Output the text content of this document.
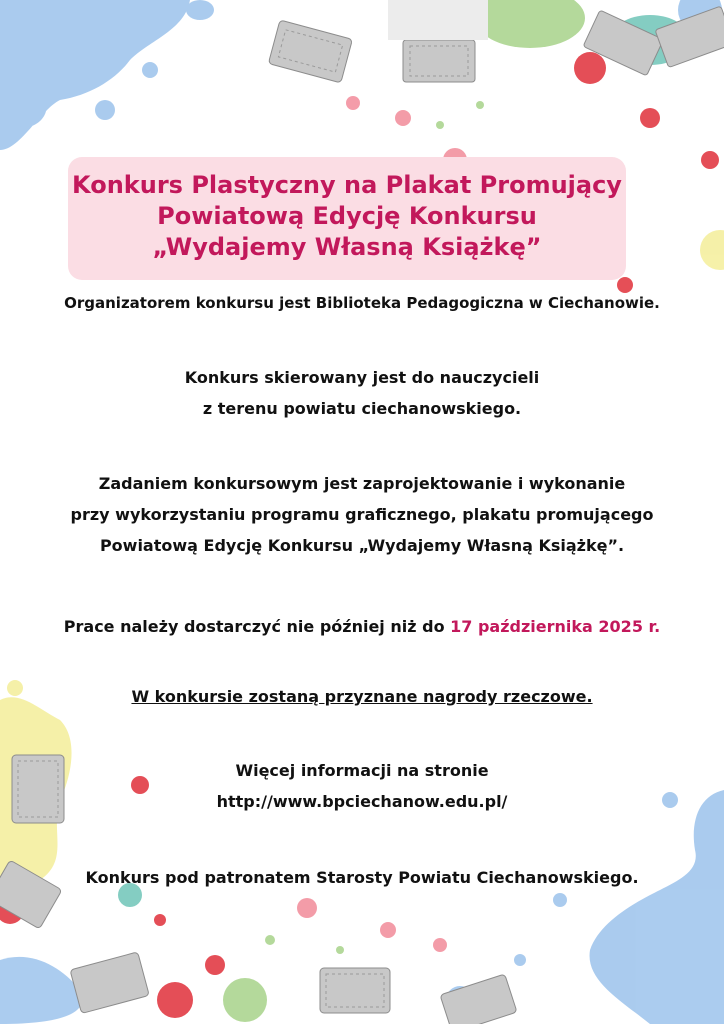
Konkurs Plastyczny na Plakat Promujący
Powiatową Edycję Konkursu
„Wydajemy Własną Książkę”
Organizatorem konkursu jest Biblioteka Pedagogiczna w Ciechanowie.
Konkurs skierowany jest do nauczycieli
z terenu powiatu ciechanowskiego.
Zadaniem konkursowym jest zaprojektowanie i wykonanie
przy wykorzystaniu programu graficznego, plakatu promującego
Powiatową Edycję Konkursu „Wydajemy Własną Książkę”.
Prace należy dostarczyć nie później niż do 17 października 2025 r.
W konkursie zostaną przyznane nagrody rzeczowe.
Więcej informacji na stronie
http://www.bpciechanow.edu.pl/
Konkurs pod patronatem Starosty Powiatu Ciechanowskiego.
